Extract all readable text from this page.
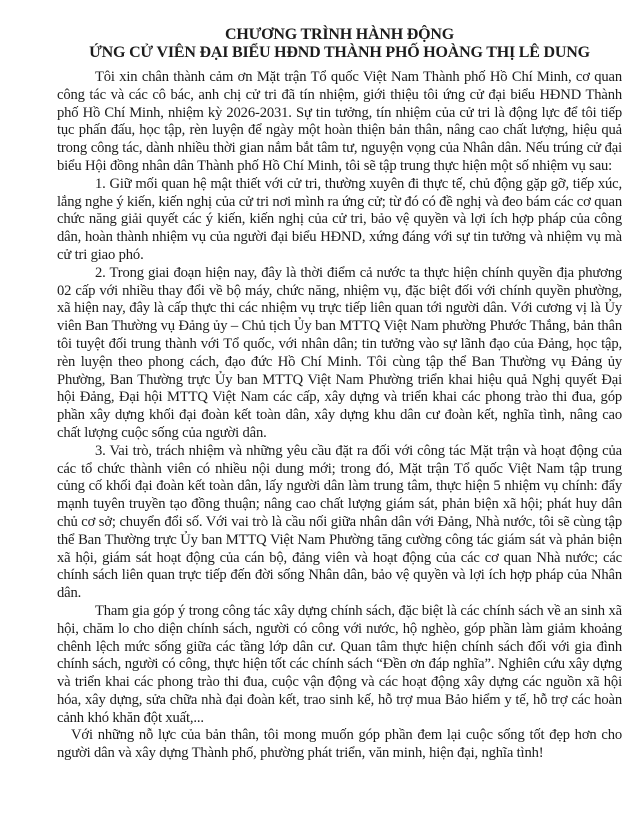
CHƯƠNG TRÌNH HÀNH ĐỘNG
ỨNG CỬ VIÊN ĐẠI BIỂU HĐND THÀNH PHỐ HOÀNG THỊ LÊ DUNG

Tôi xin chân thành cảm ơn Mặt trận Tổ quốc Việt Nam Thành phố Hồ Chí Minh, cơ quan công tác và các cô bác, anh chị cử tri đã tín nhiệm, giới thiệu tôi ứng cử đại biểu HĐND Thành phố Hồ Chí Minh, nhiệm kỳ 2026-2031. Sự tin tưởng, tín nhiệm của cử tri là động lực để tôi tiếp tục phấn đấu, học tập, rèn luyện để ngày một hoàn thiện bản thân, nâng cao chất lượng, hiệu quả trong công tác, dành nhiều thời gian nắm bắt tâm tư, nguyện vọng của Nhân dân. Nếu trúng cử đại biểu Hội đồng nhân dân Thành phố Hồ Chí Minh, tôi sẽ tập trung thực hiện một số nhiệm vụ sau:

1. Giữ mối quan hệ mật thiết với cử tri, thường xuyên đi thực tế, chủ động gặp gỡ, tiếp xúc, lắng nghe ý kiến, kiến nghị của cử tri nơi mình ra ứng cử; từ đó có đề nghị và đeo bám các cơ quan chức năng giải quyết các ý kiến, kiến nghị của cử tri, bảo vệ quyền và lợi ích hợp pháp của công dân, hoàn thành nhiệm vụ của người đại biểu HĐND, xứng đáng với sự tin tưởng và nhiệm vụ mà cử tri giao phó.

2. Trong giai đoạn hiện nay, đây là thời điểm cả nước ta thực hiện chính quyền địa phương 02 cấp với nhiều thay đổi về bộ máy, chức năng, nhiệm vụ, đặc biệt đối với chính quyền phường, xã hiện nay, đây là cấp thực thi các nhiệm vụ trực tiếp liên quan tới người dân. Với cương vị là Ủy viên Ban Thường vụ Đảng ủy – Chủ tịch Ủy ban MTTQ Việt Nam phường Phước Thắng, bản thân tôi tuyệt đối trung thành với Tổ quốc, với nhân dân; tin tưởng vào sự lãnh đạo của Đảng, học tập, rèn luyện theo phong cách, đạo đức Hồ Chí Minh. Tôi cùng tập thể Ban Thường vụ Đảng ủy Phường, Ban Thường trực Ủy ban MTTQ Việt Nam Phường triển khai hiệu quả Nghị quyết Đại hội Đảng, Đại hội MTTQ Việt Nam các cấp, xây dựng và triển khai các phong trào thi đua, góp phần xây dựng khối đại đoàn kết toàn dân, xây dựng khu dân cư đoàn kết, nghĩa tình, nâng cao chất lượng cuộc sống của người dân.

3. Vai trò, trách nhiệm và những yêu cầu đặt ra đối với công tác Mặt trận và hoạt động của các tổ chức thành viên có nhiều nội dung mới; trong đó, Mặt trận Tổ quốc Việt Nam tập trung củng cố khối đại đoàn kết toàn dân, lấy người dân làm trung tâm, thực hiện 5 nhiệm vụ chính: đẩy mạnh tuyên truyền tạo đồng thuận; nâng cao chất lượng giám sát, phản biện xã hội; phát huy dân chủ cơ sở; chuyển đổi số. Với vai trò là cầu nối giữa nhân dân với Đảng, Nhà nước, tôi sẽ cùng tập thể Ban Thường trực Ủy ban MTTQ Việt Nam Phường tăng cường công tác giám sát và phản biện xã hội, giám sát hoạt động của cán bộ, đảng viên và hoạt động của các cơ quan Nhà nước; các chính sách liên quan trực tiếp đến đời sống Nhân dân, bảo vệ quyền và lợi ích hợp pháp của Nhân dân.

Tham gia góp ý trong công tác xây dựng chính sách, đặc biệt là các chính sách về an sinh xã hội, chăm lo cho diện chính sách, người có công với nước, hộ nghèo, góp phần làm giảm khoảng chênh lệch mức sống giữa các tầng lớp dân cư. Quan tâm thực hiện chính sách đối với gia đình chính sách, người có công, thực hiện tốt các chính sách “Đền ơn đáp nghĩa”. Nghiên cứu xây dựng và triển khai các phong trào thi đua, cuộc vận động và các hoạt động xây dựng các nguồn xã hội hóa, xây dựng, sửa chữa nhà đại đoàn kết, trao sinh kế, hỗ trợ mua Bảo hiểm y tế, hỗ trợ các hoàn cảnh khó khăn đột xuất,...

Với những nỗ lực của bản thân, tôi mong muốn góp phần đem lại cuộc sống tốt đẹp hơn cho người dân và xây dựng Thành phố, phường phát triển, văn minh, hiện đại, nghĩa tình!
